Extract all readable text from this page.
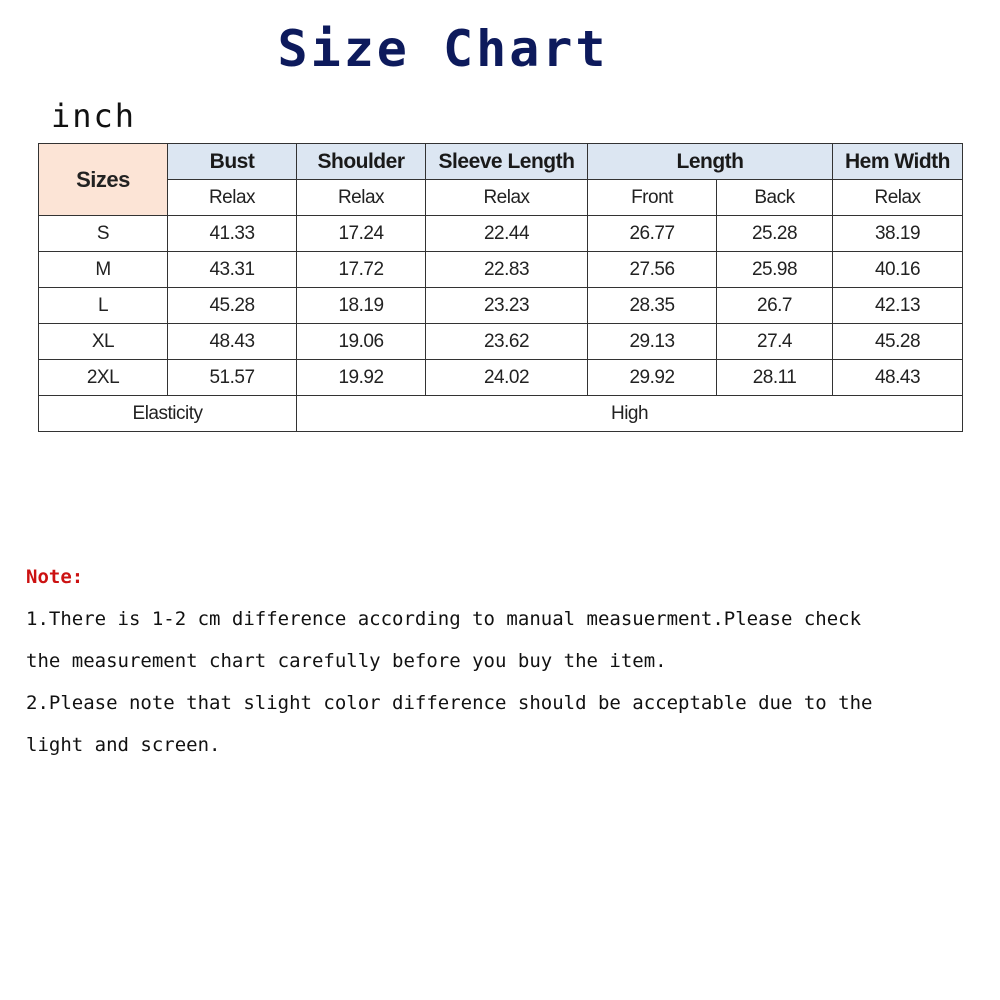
Size Chart
inch
Sizes	Bust	Shoulder	Sleeve Length	Length		Hem Width
	Relax	Relax	Relax	Front	Back	Relax
S	41.33	17.24	22.44	26.77	25.28	38.19
M	43.31	17.72	22.83	27.56	25.98	40.16
L	45.28	18.19	23.23	28.35	26.7	42.13
XL	48.43	19.06	23.62	29.13	27.4	45.28
2XL	51.57	19.92	24.02	29.92	28.11	48.43
Elasticity		High				
Note:
1.There is 1-2 cm difference according to manual measuerment.Please check
the measurement chart carefully before you buy the item.
2.Please note that slight color difference should be acceptable due to the
light and screen.
